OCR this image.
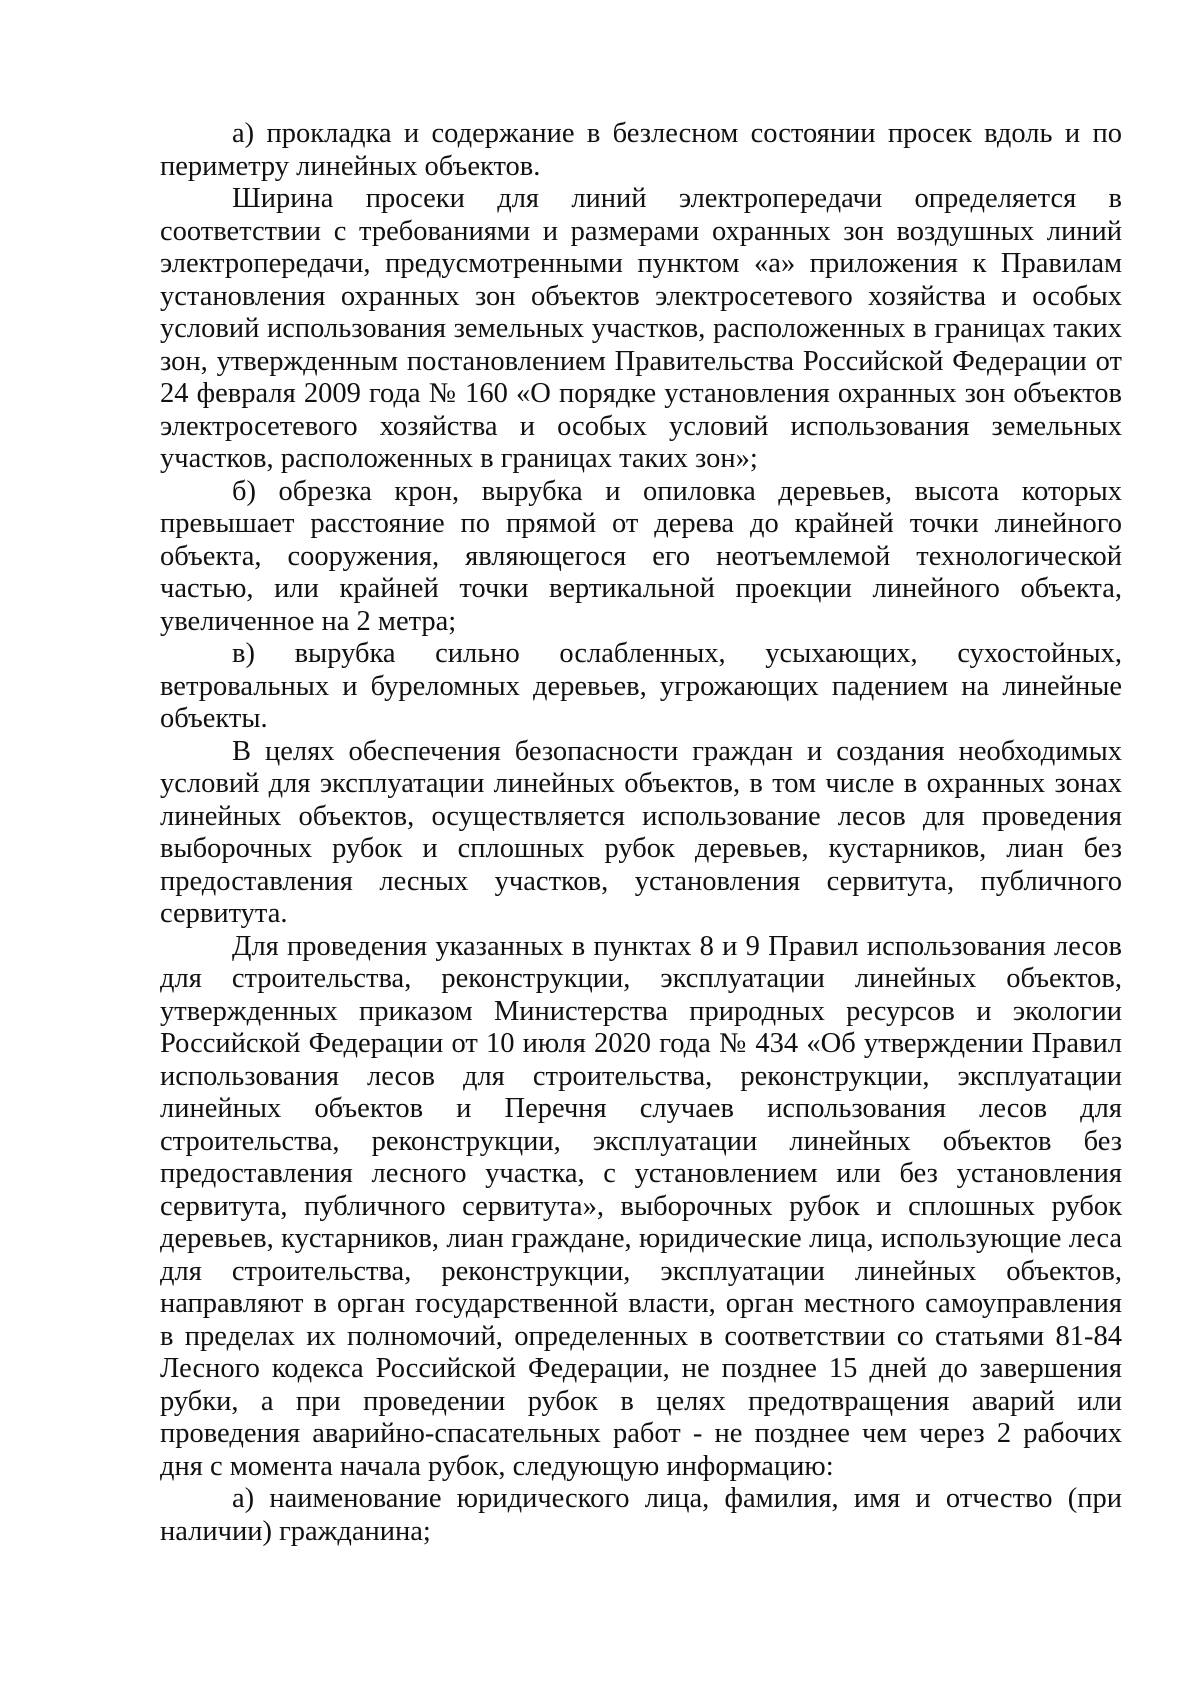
а) прокладка и содержание в безлесном состоянии просек вдоль и по периметру линейных объектов.

Ширина просеки для линий электропередачи определяется в соответствии с требованиями и размерами охранных зон воздушных линий электропередачи, предусмотренными пунктом «а» приложения к Правилам установления охранных зон объектов электросетевого хозяйства и особых условий использования земельных участков, расположенных в границах таких зон, утвержденным постановлением Правительства Российской Федерации от 24 февраля 2009 года № 160 «О порядке установления охранных зон объектов электросетевого хозяйства и особых условий использования земельных участков, расположенных в границах таких зон»;

б) обрезка крон, вырубка и опиловка деревьев, высота которых превышает расстояние по прямой от дерева до крайней точки линейного объекта, сооружения, являющегося его неотъемлемой технологической частью, или крайней точки вертикальной проекции линейного объекта, увеличенное на 2 метра;

в) вырубка сильно ослабленных, усыхающих, сухостойных, ветровальных и буреломных деревьев, угрожающих падением на линейные объекты.

В целях обеспечения безопасности граждан и создания необходимых условий для эксплуатации линейных объектов, в том числе в охранных зонах линейных объектов, осуществляется использование лесов для проведения выборочных рубок и сплошных рубок деревьев, кустарников, лиан без предоставления лесных участков, установления сервитута, публичного сервитута.

Для проведения указанных в пунктах 8 и 9 Правил использования лесов для строительства, реконструкции, эксплуатации линейных объектов, утвержденных приказом Министерства природных ресурсов и экологии Российской Федерации от 10 июля 2020 года № 434 «Об утверждении Правил использования лесов для строительства, реконструкции, эксплуатации линейных объектов и Перечня случаев использования лесов для строительства, реконструкции, эксплуатации линейных объектов без предоставления лесного участка, с установлением или без установления сервитута, публичного сервитута», выборочных рубок и сплошных рубок деревьев, кустарников, лиан граждане, юридические лица, использующие леса для строительства, реконструкции, эксплуатации линейных объектов, направляют в орган государственной власти, орган местного самоуправления в пределах их полномочий, определенных в соответствии со статьями 81-84 Лесного кодекса Российской Федерации, не позднее 15 дней до завершения рубки, а при проведении рубок в целях предотвращения аварий или проведения аварийно-спасательных работ - не позднее чем через 2 рабочих дня с момента начала рубок, следующую информацию:

а) наименование юридического лица, фамилия, имя и отчество (при наличии) гражданина;
